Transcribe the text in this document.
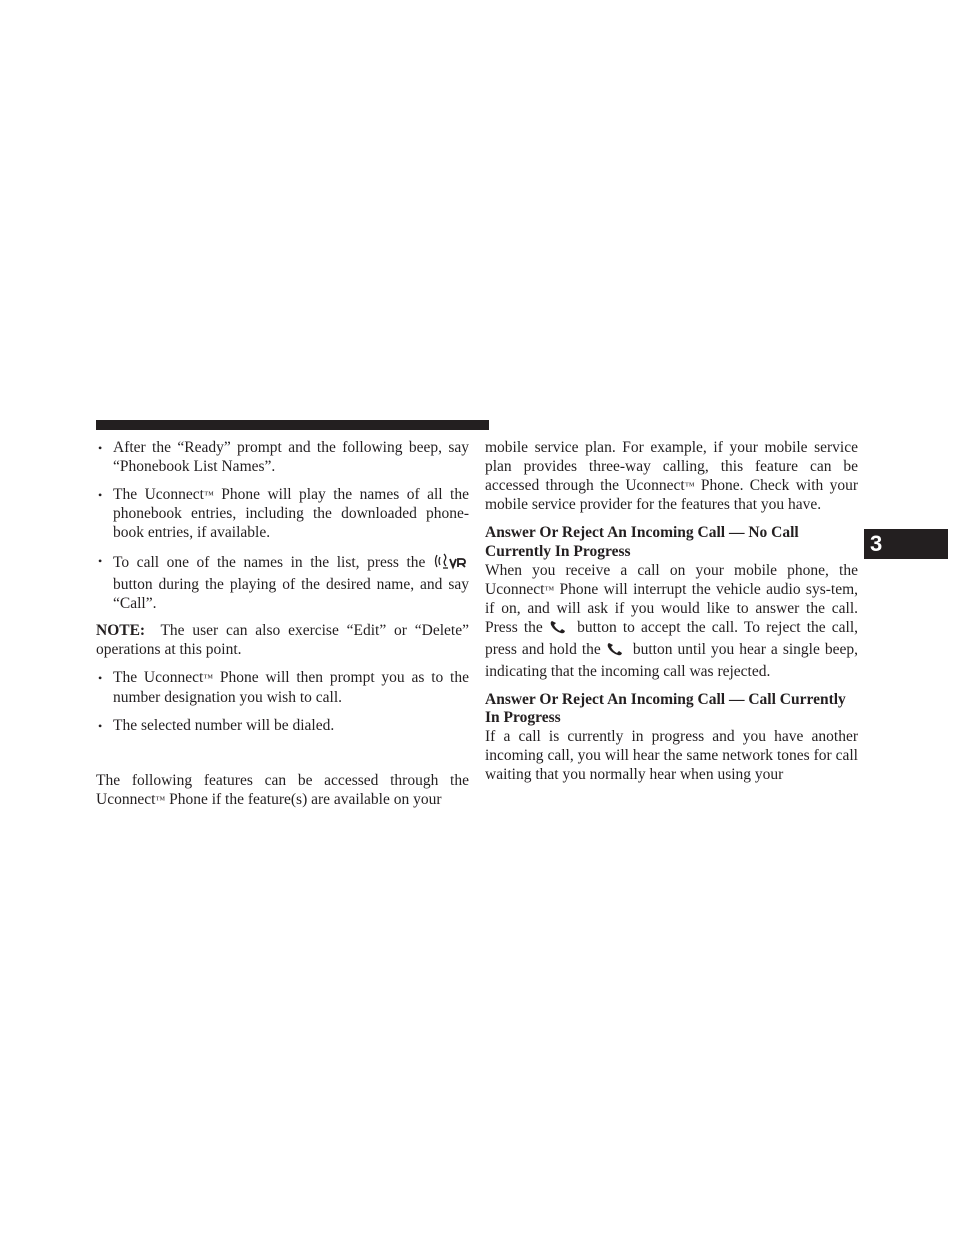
3

• After the “Ready” prompt and the following beep, say “Phonebook List Names”.

• The Uconnect™ Phone will play the names of all the phonebook entries, including the downloaded phone-book entries, if available.

• To call one of the names in the list, press the  button during the playing of the desired name, and say “Call”.

NOTE: The user can also exercise “Edit” or “Delete” operations at this point.

• The Uconnect™ Phone will then prompt you as to the number designation you wish to call.

• The selected number will be dialed.

The following features can be accessed through the Uconnect™ Phone if the feature(s) are available on your

mobile service plan. For example, if your mobile service plan provides three-way calling, this feature can be accessed through the Uconnect™ Phone. Check with your mobile service provider for the features that you have.

Answer Or Reject An Incoming Call — No Call Currently In Progress

When you receive a call on your mobile phone, the Uconnect™ Phone will interrupt the vehicle audio sys-tem, if on, and will ask if you would like to answer the call. Press the button to accept the call. To reject the call, press and hold the button until you hear a single beep, indicating that the incoming call was rejected.

Answer Or Reject An Incoming Call — Call Currently In Progress

If a call is currently in progress and you have another incoming call, you will hear the same network tones for call waiting that you normally hear when using your
